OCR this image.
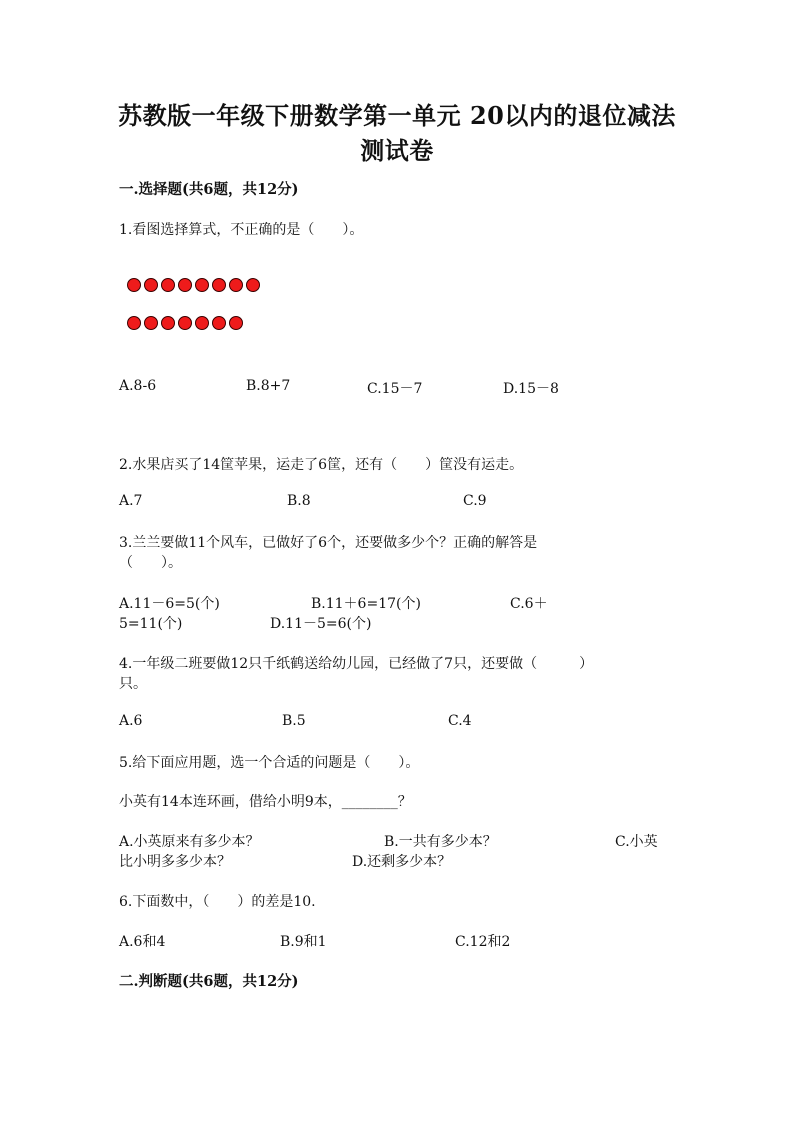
苏教版一年级下册数学第一单元 20以内的退位减法
测试卷
一.选择题(共6题，共12分)
1.看图选择算式，不正确的是（　　）。
A.8-6	B.8+7	C.15－7	D.15－8
2.水果店买了14筐苹果，运走了6筐，还有（　　）筐没有运走。
A.7	B.8	C.9
3.兰兰要做11个风车，已做好了6个，还要做多少个？正确的解答是
（　　）。
A.11－6=5(个)	B.11＋6=17(个)	C.6＋
5=11(个)	D.11－5=6(个)
4.一年级二班要做12只千纸鹤送给幼儿园，已经做了7只，还要做（　　　）
只。
A.6	B.5	C.4
5.给下面应用题，选一个合适的问题是（　　）。
小英有14本连环画，借给小明9本，________？
A.小英原来有多少本？	B.一共有多少本？	C.小英
比小明多多少本？	D.还剩多少本？
6.下面数中，（　　）的差是10.
A.6和4	B.9和1	C.12和2
二.判断题(共6题，共12分)
